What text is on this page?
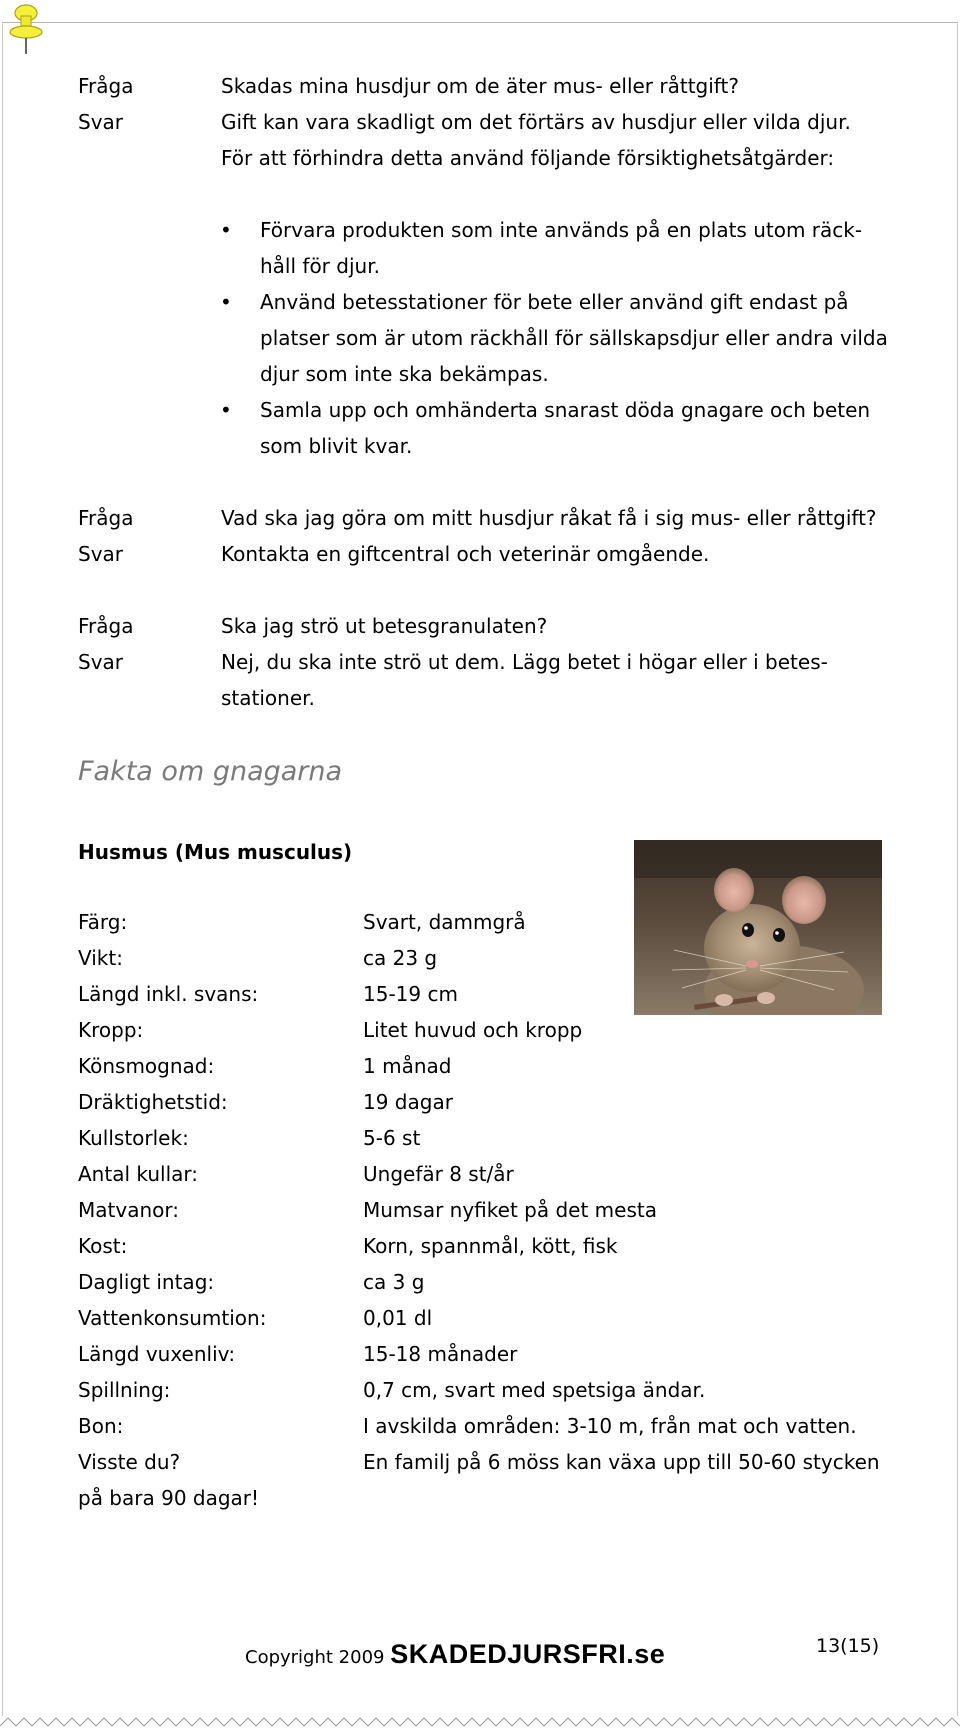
Fråga	Skadas mina husdjur om de äter mus- eller råttgift?
Svar	Gift kan vara skadligt om det förtärs av husdjur eller vilda djur.
För att förhindra detta använd följande försiktighetsåtgärder:
• Förvara produkten som inte används på en plats utom räck-
håll för djur.
• Använd betesstationer för bete eller använd gift endast på
platser som är utom räckhåll för sällskapsdjur eller andra vilda
djur som inte ska bekämpas.
• Samla upp och omhänderta snarast döda gnagare och beten
som blivit kvar.
Fråga	Vad ska jag göra om mitt husdjur råkat få i sig mus- eller råttgift?
Svar	Kontakta en giftcentral och veterinär omgående.
Fråga	Ska jag strö ut betesgranulaten?
Svar	Nej, du ska inte strö ut dem. Lägg betet i högar eller i betes-
stationer.
Fakta om gnagarna
Husmus (Mus musculus)
Färg:	Svart, dammgrå
Vikt:	ca 23 g
Längd inkl. svans:	15-19 cm
Kropp:	Litet huvud och kropp
Könsmognad:	1 månad
Dräktighetstid:	19 dagar
Kullstorlek:	5-6 st
Antal kullar:	Ungefär 8 st/år
Matvanor:	Mumsar nyfiket på det mesta
Kost:	Korn, spannmål, kött, fisk
Dagligt intag:	ca 3 g
Vattenkonsumtion:	0,01 dl
Längd vuxenliv:	15-18 månader
Spillning:	0,7 cm, svart med spetsiga ändar.
Bon:	I avskilda områden: 3-10 m, från mat och vatten.
Visste du?	En familj på 6 möss kan växa upp till 50-60 stycken
på bara 90 dagar!
Copyright 2009 SKADEDJURSFRI.se	13(15)
